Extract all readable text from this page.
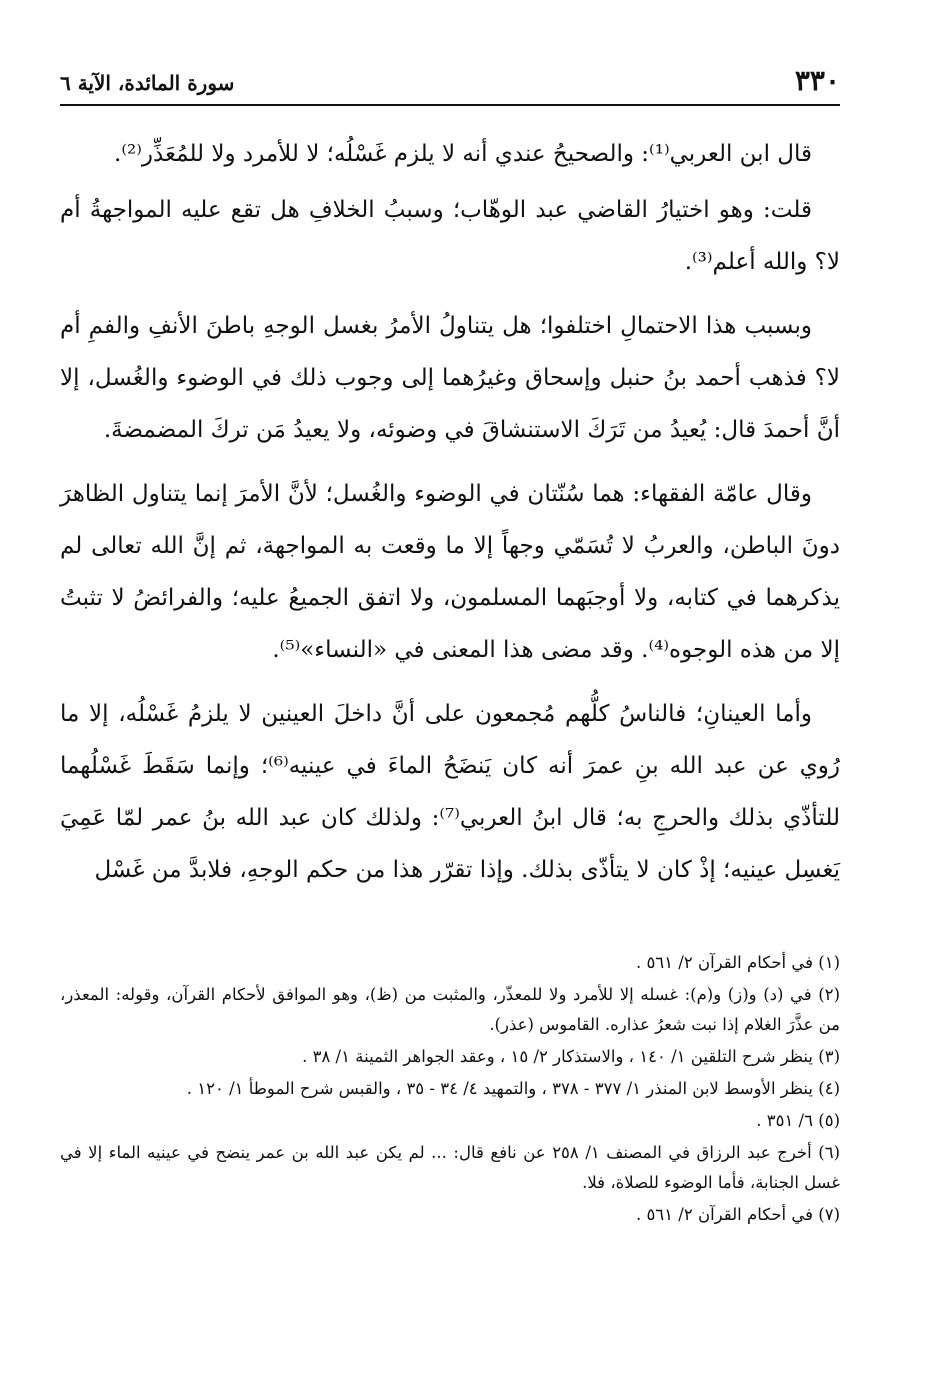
٣٣٠
سورة المائدة، الآية ٦

قال ابن العربي⁽¹⁾: والصحيحُ عندي أنه لا يلزم غَسْلُه؛ لا للأمرد ولا للمُعَذِّر⁽²⁾.

قلت: وهو اختيارُ القاضي عبد الوهّاب؛ وسببُ الخلافِ هل تقع عليه المواجهةُ أم لا؟ والله أعلم⁽³⁾.

وبسبب هذا الاحتمالِ اختلفوا؛ هل يتناولُ الأمرُ بغسل الوجهِ باطنَ الأنفِ والفمِ أم لا؟ فذهب أحمد بنُ حنبل وإسحاق وغيرُهما إلى وجوب ذلك في الوضوء والغُسل، إلا أنَّ أحمدَ قال: يُعيدُ من تَرَكَ الاستنشاقَ في وضوئه، ولا يعيدُ مَن تركَ المضمضةَ.

وقال عامّة الفقهاء: هما سُنّتان في الوضوء والغُسل؛ لأنَّ الأمرَ إنما يتناول الظاهرَ دونَ الباطن، والعربُ لا تُسَمّي وجهاً إلا ما وقعت به المواجهة، ثم إنَّ الله تعالى لم يذكرهما في كتابه، ولا أوجبَهما المسلمون، ولا اتفق الجميعُ عليه؛ والفرائضُ لا تثبتُ إلا من هذه الوجوه⁽⁴⁾. وقد مضى هذا المعنى في «النساء»⁽⁵⁾.

وأما العينانِ؛ فالناسُ كلُّهم مُجمعون على أنَّ داخلَ العينين لا يلزمُ غَسْلُه، إلا ما رُوي عن عبد الله بنِ عمرَ أنه كان يَنضَحُ الماءَ في عينيه⁽⁶⁾؛ وإنما سَقَطَ غَسْلُهما للتأذّي بذلك والحرجِ به؛ قال ابنُ العربي⁽⁷⁾: ولذلك كان عبد الله بنُ عمر لمّا عَمِيَ يَغسِل عينيه؛ إذْ كان لا يتأذّى بذلك. وإذا تقرّر هذا من حكم الوجهِ، فلابدَّ من غَسْل

(١) في أحكام القرآن ٢/ ٥٦١ .

(٢) في (د) و(ز) و(م): غسله إلا للأمرد ولا للمعذّر، والمثبت من (ظ)، وهو الموافق لأحكام القرآن، وقوله: المعذر، من عذَّرَ الغلام إذا نبت شعرُ عذاره. القاموس (عذر).

(٣) ينظر شرح التلقين ١/ ١٤٠ ، والاستذكار ٢/ ١٥ ، وعقد الجواهر الثمينة ١/ ٣٨ .

(٤) ينظر الأوسط لابن المنذر ١/ ٣٧٧ - ٣٧٨ ، والتمهيد ٤/ ٣٤ - ٣٥ ، والقبس شرح الموطأ ١/ ١٢٠ .

(٥) ٦/ ٣٥١ .

(٦) أخرج عبد الرزاق في المصنف ١/ ٢٥٨ عن نافع قال: ... لم يكن عبد الله بن عمر ينضح في عينيه الماء إلا في غسل الجنابة، فأما الوضوء للصلاة، فلا.

(٧) في أحكام القرآن ٢/ ٥٦١ .
